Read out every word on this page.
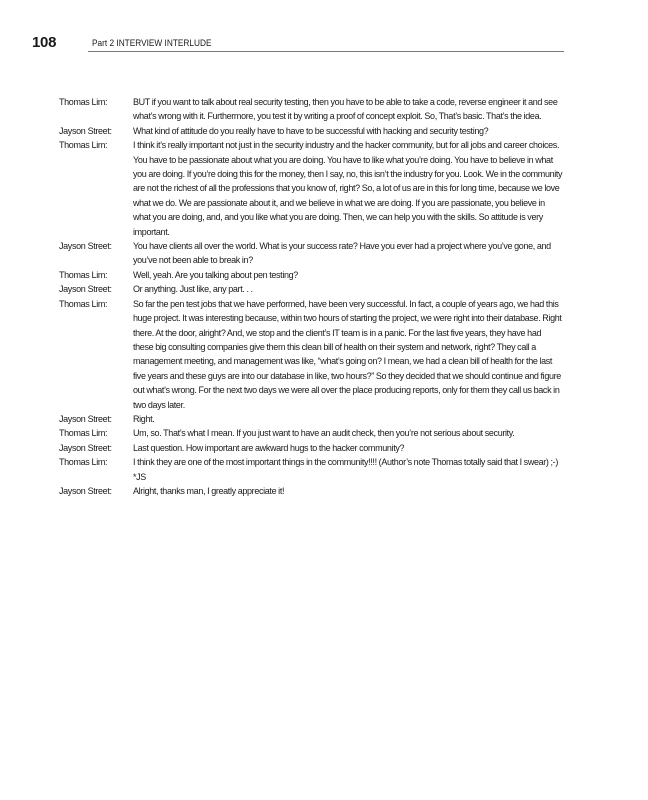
108	Part 2 INTERVIEW INTERLUDE
Thomas Lim:	BUT if you want to talk about real security testing, then you have to be able to take a code, reverse engineer it and see what’s wrong with it. Furthermore, you test it by writing a proof of concept exploit. So, That’s basic. That’s the idea.
Jayson Street:	What kind of attitude do you really have to have to be successful with hacking and security testing?
Thomas Lim:	I think it’s really important not just in the security industry and the hacker community, but for all jobs and career choices. You have to be passionate about what you are doing. You have to like what you’re doing. You have to believe in what you are doing. If you’re doing this for the money, then I say, no, this isn’t the industry for you. Look. We in the community are not the richest of all the professions that you know of, right? So, a lot of us are in this for long time, because we love what we do. We are passionate about it, and we believe in what we are doing. If you are passionate, you believe in what you are doing, and, and you like what you are doing. Then, we can help you with the skills. So attitude is very important.
Jayson Street:	You have clients all over the world. What is your success rate? Have you ever had a project where you’ve gone, and you’ve not been able to break in?
Thomas Lim:	Well, yeah. Are you talking about pen testing?
Jayson Street:	Or anything. Just like, any part. . .
Thomas Lim:	So far the pen test jobs that we have performed, have been very successful. In fact, a couple of years ago, we had this huge project. It was interesting because, within two hours of starting the project, we were right into their database. Right there. At the door, alright? And, we stop and the client’s IT team is in a panic. For the last five years, they have had these big consulting companies give them this clean bill of health on their system and network, right? They call a management meeting, and management was like, “what’s going on? I mean, we had a clean bill of health for the last five years and these guys are into our database in like, two hours?” So they decided that we should continue and figure out what’s wrong. For the next two days we were all over the place producing reports, only for them they call us back in two days later.
Jayson Street:	Right.
Thomas Lim:	Um, so. That’s what I mean. If you just want to have an audit check, then you’re not serious about security.
Jayson Street:	Last question. How important are awkward hugs to the hacker community?
Thomas Lim:	I think they are one of the most important things in the community!!!! (Author’s note Thomas totally said that I swear) ;-) *JS
Jayson Street:	Alright, thanks man, I greatly appreciate it!
